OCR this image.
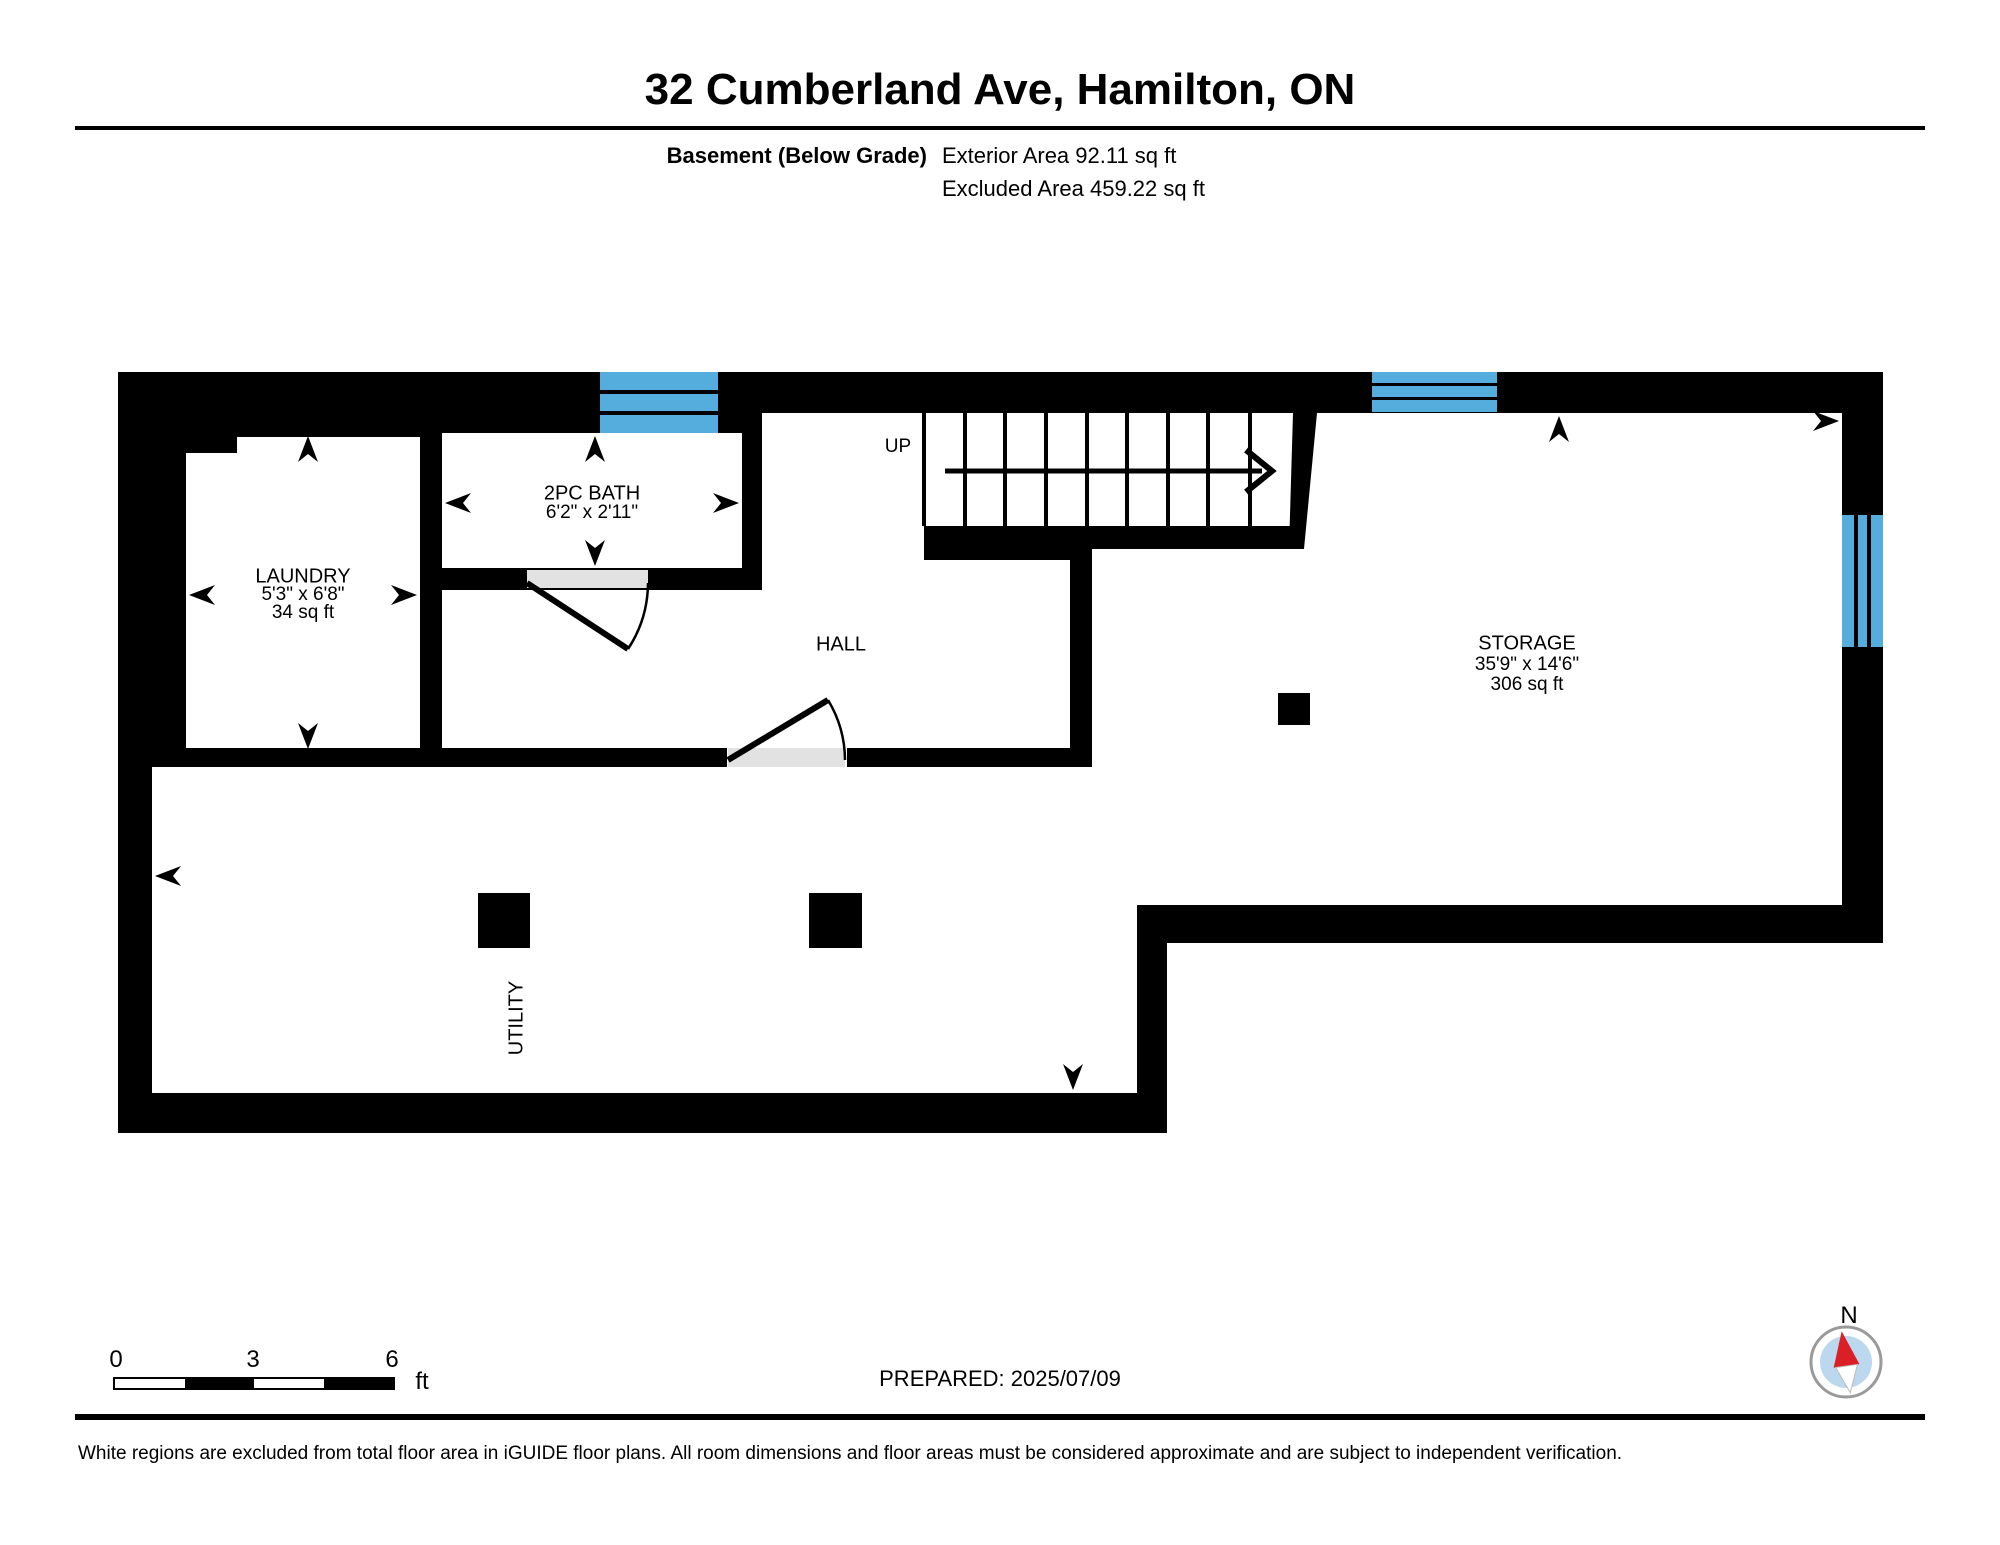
32 Cumberland Ave, Hamilton, ON
Basement (Below Grade) Exterior Area 92.11 sq ft
Excluded Area 459.22 sq ft
LAUNDRY
5'3" x 6'8"
34 sq ft
2PC BATH
6'2" x 2'11"
UP
HALL	STORAGE
35'9" x 14'6"
306 sq ft
UTILITY
0	3	6
ft	PREPARED: 2025/07/09
N
White regions are excluded from total floor area in iGUIDE floor plans. All room dimensions and floor areas must be considered approximate and are subject to independent verification.
